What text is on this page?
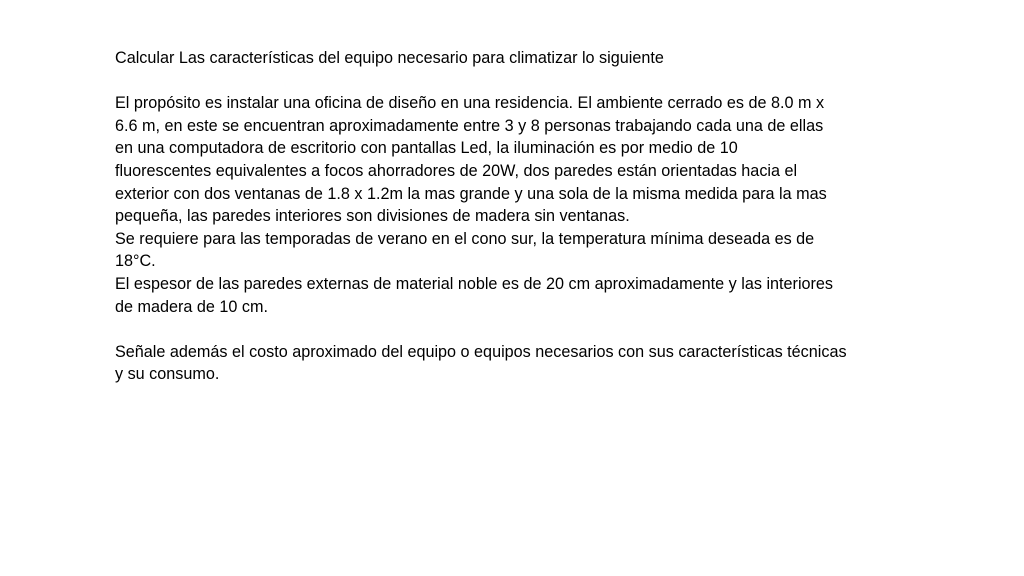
Calcular Las características del equipo necesario para climatizar lo siguiente

El propósito es instalar una oficina de diseño en una residencia. El ambiente cerrado es de 8.0 m x

6.6 m, en este se encuentran aproximadamente entre 3 y 8 personas trabajando cada una de ellas

en una computadora de escritorio con pantallas Led, la iluminación es por medio de 10

fluorescentes equivalentes a focos ahorradores de 20W, dos paredes están orientadas hacia el

exterior con dos ventanas de 1.8 x 1.2m la mas grande y una sola de la misma medida para la mas

pequeña, las paredes interiores son divisiones de madera sin ventanas.

Se requiere para las temporadas de verano en el cono sur, la temperatura mínima deseada es de

18°C.

El espesor de las paredes externas de material noble es de 20 cm aproximadamente y las interiores

de madera de 10 cm.

Señale además el costo aproximado del equipo o equipos necesarios con sus características técnicas

y su consumo.
